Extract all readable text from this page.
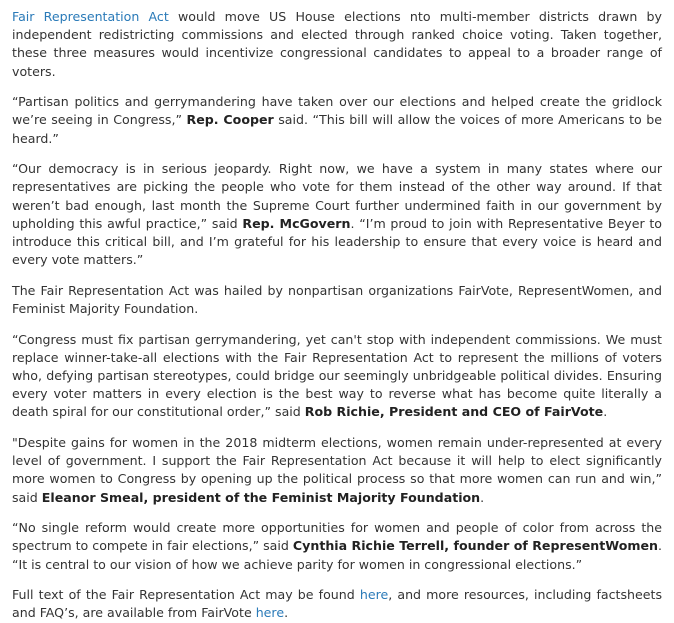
Fair Representation Act would move US House elections nto multi-member districts drawn by independent redistricting commissions and elected through ranked choice voting. Taken together, these three measures would incentivize congressional candidates to appeal to a broader range of voters.

“Partisan politics and gerrymandering have taken over our elections and helped create the gridlock we’re seeing in Congress,” Rep. Cooper said. “This bill will allow the voices of more Americans to be heard.”

“Our democracy is in serious jeopardy. Right now, we have a system in many states where our representatives are picking the people who vote for them instead of the other way around. If that weren’t bad enough, last month the Supreme Court further undermined faith in our government by upholding this awful practice,” said Rep. McGovern. “I’m proud to join with Representative Beyer to introduce this critical bill, and I’m grateful for his leadership to ensure that every voice is heard and every vote matters.”

The Fair Representation Act was hailed by nonpartisan organizations FairVote, RepresentWomen, and Feminist Majority Foundation.

“Congress must fix partisan gerrymandering, yet can't stop with independent commissions. We must replace winner-take-all elections with the Fair Representation Act to represent the millions of voters who, defying partisan stereotypes, could bridge our seemingly unbridgeable political divides. Ensuring every voter matters in every election is the best way to reverse what has become quite literally a death spiral for our constitutional order,” said Rob Richie, President and CEO of FairVote.

"Despite gains for women in the 2018 midterm elections, women remain under-represented at every level of government. I support the Fair Representation Act because it will help to elect significantly more women to Congress by opening up the political process so that more women can run and win,” said Eleanor Smeal, president of the Feminist Majority Foundation.

“No single reform would create more opportunities for women and people of color from across the spectrum to compete in fair elections,” said Cynthia Richie Terrell, founder of RepresentWomen. “It is central to our vision of how we achieve parity for women in congressional elections.”

Full text of the Fair Representation Act may be found here, and more resources, including factsheets and FAQ’s, are available from FairVote here.
